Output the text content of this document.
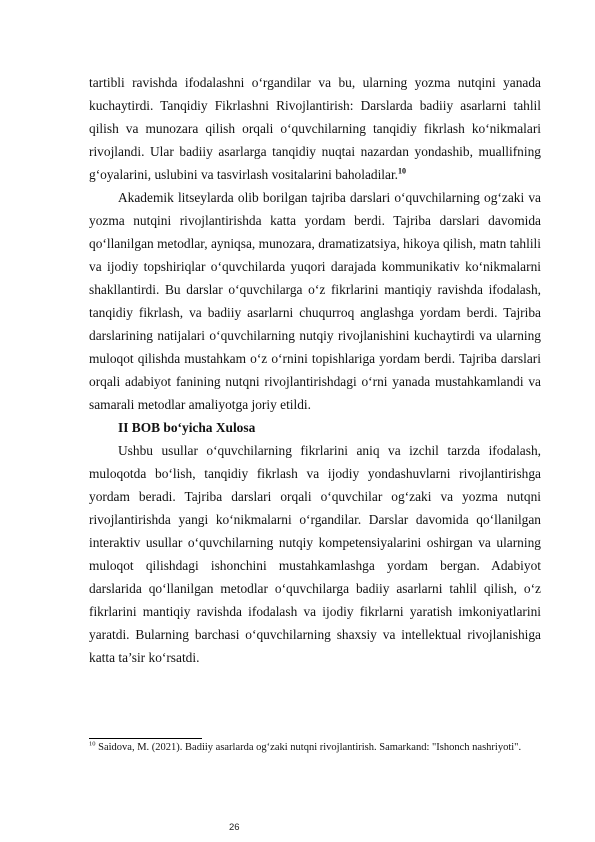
tartibli ravishda ifodalashni o‘rgandilar va bu, ularning yozma nutqini yanada kuchaytirdi. Tanqidiy Fikrlashni Rivojlantirish: Darslarda badiiy asarlarni tahlil qilish va munozara qilish orqali o‘quvchilarning tanqidiy fikrlash ko‘nikmalari rivojlandi. Ular badiiy asarlarga tanqidiy nuqtai nazardan yondashib, muallifning g‘oyalarini, uslubini va tasvirlash vositalarini baholadilar.$^{10}$

Akademik litseylarda olib borilgan tajriba darslari o‘quvchilarning og‘zaki va yozma nutqini rivojlantirishda katta yordam berdi. Tajriba darslari davomida qo‘llanilgan metodlar, ayniqsa, munozara, dramatizatsiya, hikoya qilish, matn tahlili va ijodiy topshiriqlar o‘quvchilarda yuqori darajada kommunikativ ko‘nikmalarni shakllantirdi. Bu darslar o‘quvchilarga o‘z fikrlarini mantiqiy ravishda ifodalash, tanqidiy fikrlash, va badiiy asarlarni chuqurroq anglashga yordam berdi. Tajriba darslarining natijalari o‘quvchilarning nutqiy rivojlanishini kuchaytirdi va ularning muloqot qilishda mustahkam o‘z o‘rnini topishlariga yordam berdi. Tajriba darslari orqali adabiyot fanining nutqni rivojlantirishdagi o‘rni yanada mustahkamlandi va samarali metodlar amaliyotga joriy etildi.

II BOB bo‘yicha Xulosa

Ushbu usullar o‘quvchilarning fikrlarini aniq va izchil tarzda ifodalash, muloqotda bo‘lish, tanqidiy fikrlash va ijodiy yondashuvlarni rivojlantirishga yordam beradi. Tajriba darslari orqali o‘quvchilar og‘zaki va yozma nutqni rivojlantirishda yangi ko‘nikmalarni o‘rgandilar. Darslar davomida qo‘llanilgan interaktiv usullar o‘quvchilarning nutqiy kompetensiyalarini oshirgan va ularning muloqot qilishdagi ishonchini mustahkamlashga yordam bergan. Adabiyot darslarida qo‘llanilgan metodlar o‘quvchilarga badiiy asarlarni tahlil qilish, o‘z fikrlarini mantiqiy ravishda ifodalash va ijodiy fikrlarni yaratish imkoniyatlarini yaratdi. Bularning barchasi o‘quvchilarning shaxsiy va intellektual rivojlanishiga katta ta’sir ko‘rsatdi.

$^{10}$ Saidova, M. (2021). Badiiy asarlarda og‘zaki nutqni rivojlantirish. Samarkand: "Ishonch nashriyoti".
26
